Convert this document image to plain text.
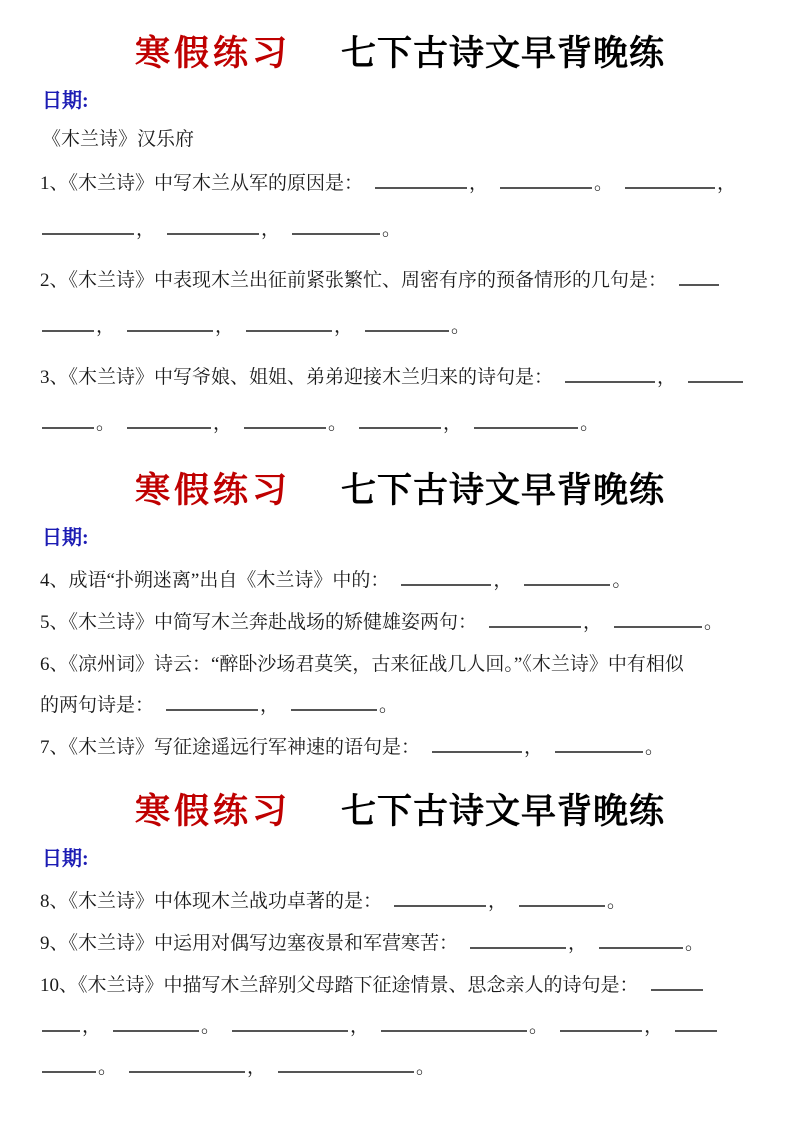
寒假练习 七下古诗文早背晚练
日期:
《木兰诗》汉乐府
1、《木兰诗》中写木兰从军的原因是：	，	。	，
，	，	。
2、《木兰诗》中表现木兰出征前紧张繁忙、周密有序的预备情形的几句是：
，	，	，	。
3、《木兰诗》中写爷娘、姐姐、弟弟迎接木兰归来的诗句是：	，
。	，	。	，	。
寒假练习 七下古诗文早背晚练
日期:
4、成语“扑朔迷离”出自《木兰诗》中的：	，	。
5、《木兰诗》中简写木兰奔赴战场的矫健雄姿两句：	，	。
6、《凉州词》诗云：“醉卧沙场君莫笑，古来征战几人回。”《木兰诗》中有相似
的两句诗是：	，	。
7、《木兰诗》写征途遥远行军神速的语句是：	，	。
寒假练习 七下古诗文早背晚练
日期:
8、《木兰诗》中体现木兰战功卓著的是：	，	。
9、《木兰诗》中运用对偶写边塞夜景和军营寒苦：	，	。
10、《木兰诗》中描写木兰辞别父母踏下征途情景、思念亲人的诗句是：
，	。	，	。	，
。	，	。
